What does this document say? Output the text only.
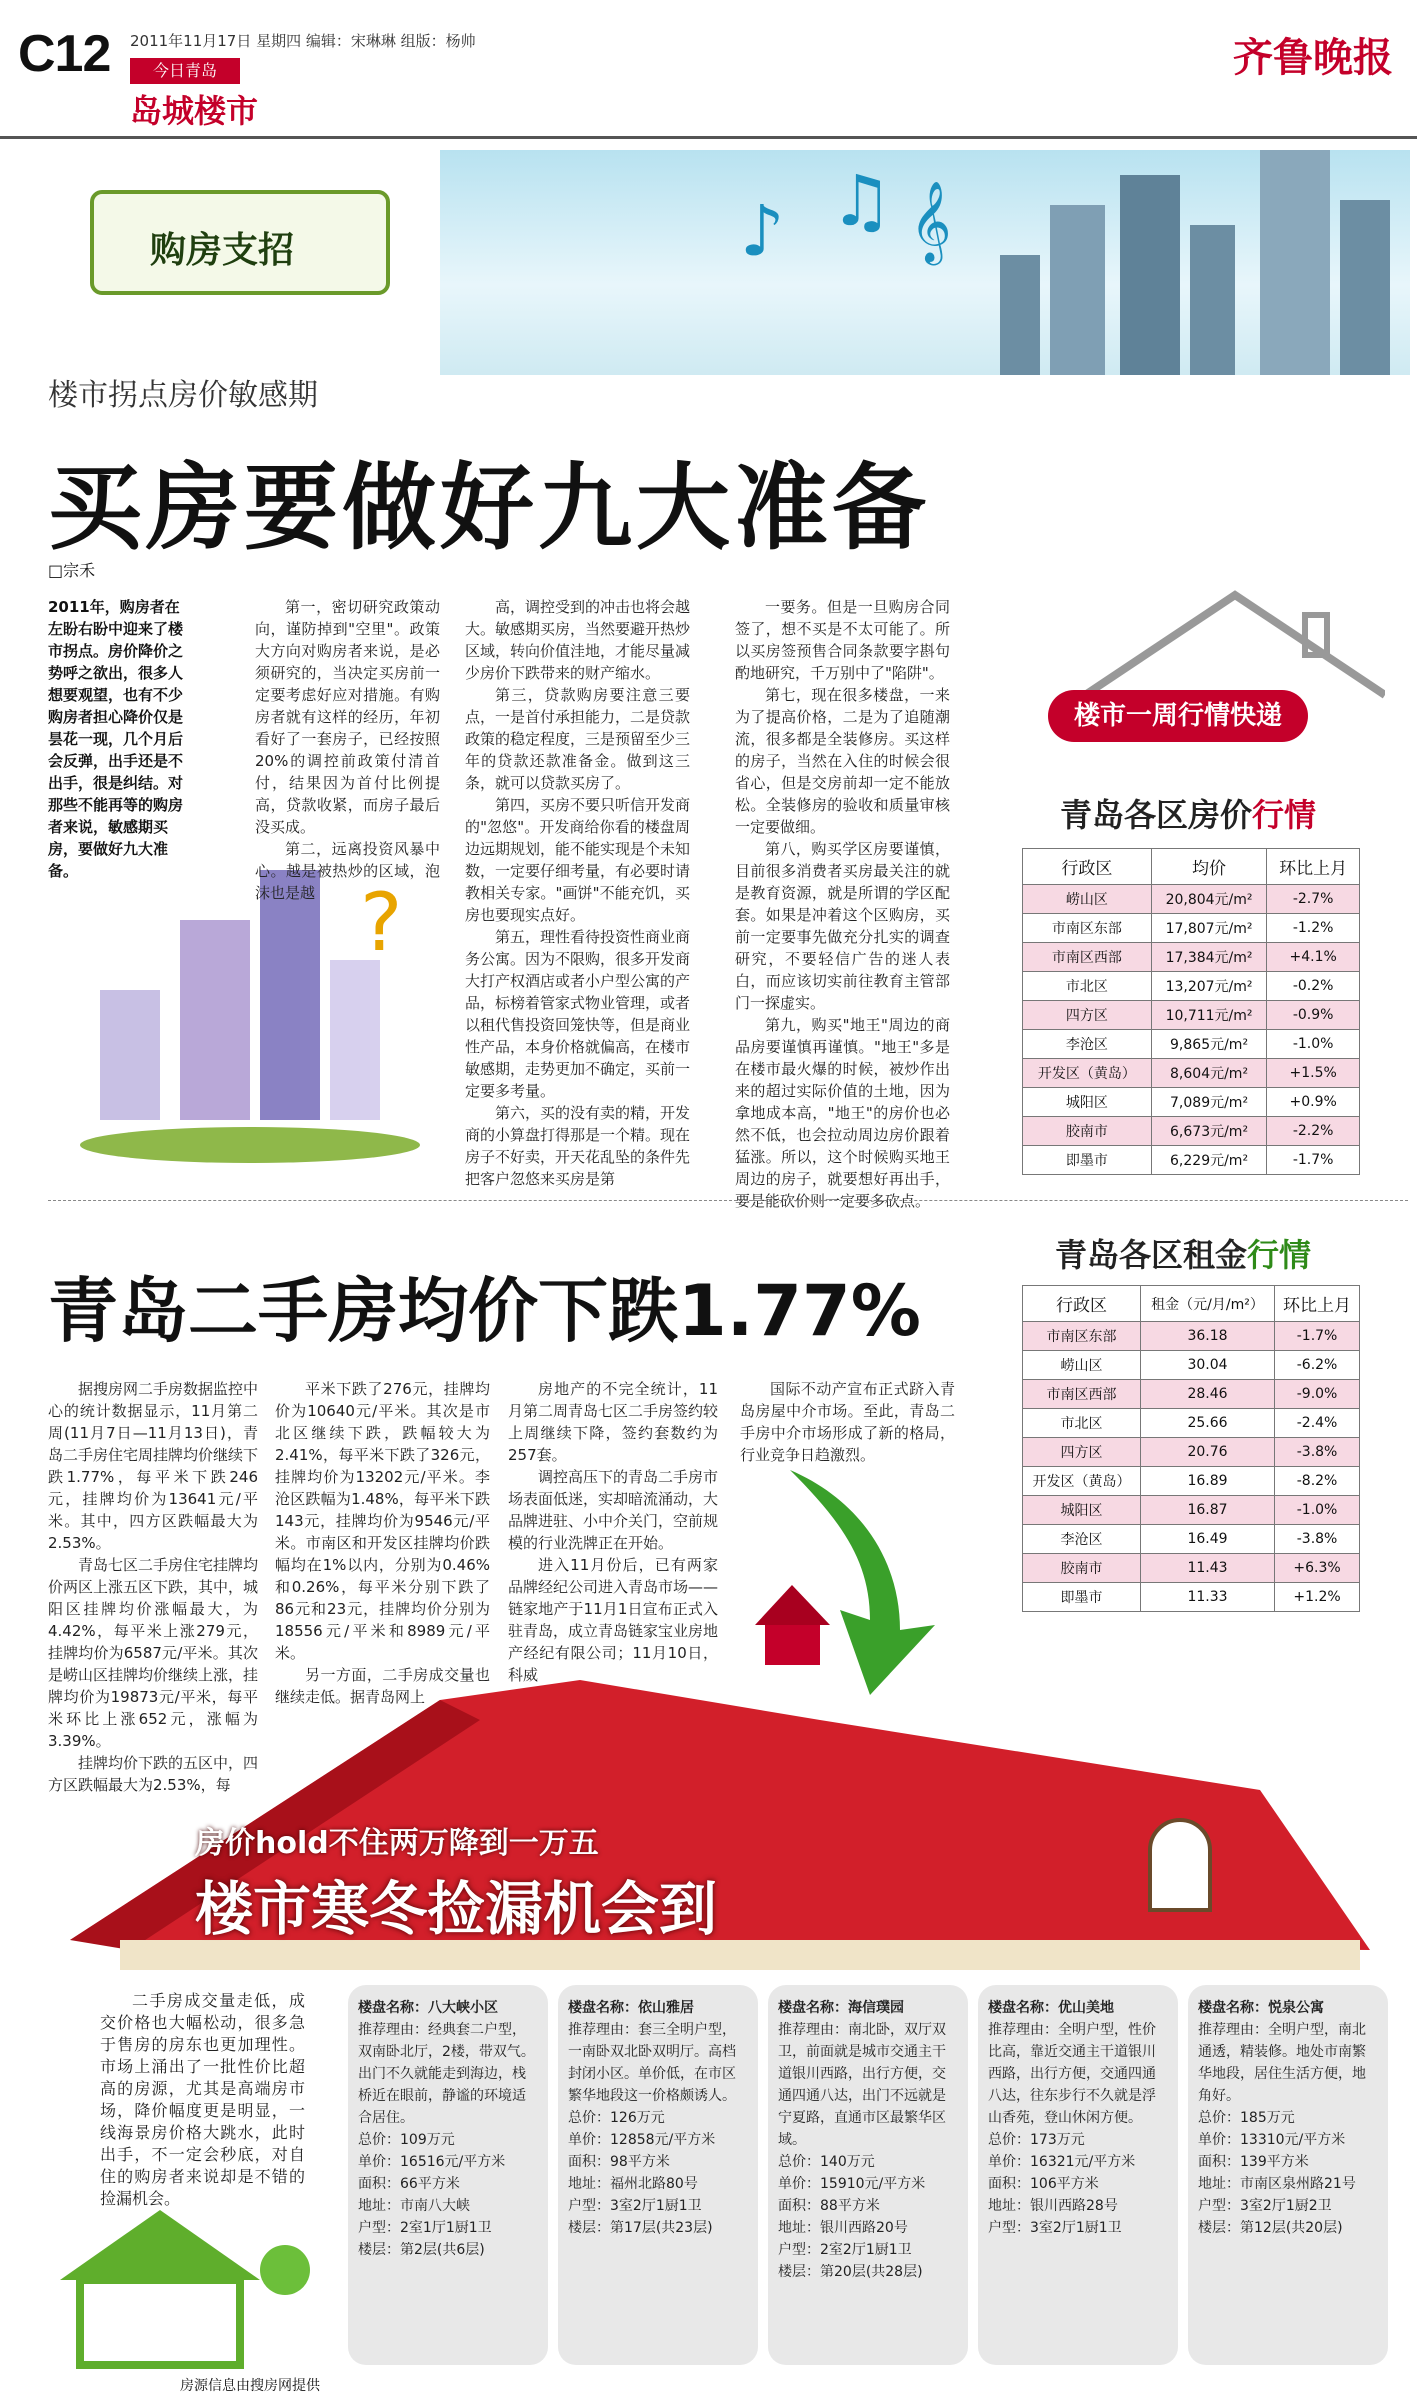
C12 2011年11月17日 星期四 编辑：宋琳琳 组版：杨帅
今日青岛
岛城楼市
齐鲁晚报
♪ ♫ 𝄞
购房支招
楼市拐点房价敏感期
买房要做好九大准备
□宗禾
2011年，购房者在左盼右盼中迎来了楼市拐点。房价降价之势呼之欲出，很多人想要观望，也有不少购房者担心降价仅是昙花一现，几个月后会反弹，出手还是不出手，很是纠结。对那些不能再等的购房者来说，敏感期买房，要做好九大准备。
?

第一，密切研究政策动向，谨防掉到"空里"。政策大方向对购房者来说，是必须研究的，当决定买房前一定要考虑好应对措施。有购房者就有这样的经历，年初看好了一套房子，已经按照20%的调控前政策付清首付，结果因为首付比例提高，贷款收紧，而房子最后没买成。

第二，远离投资风暴中心。越是被热炒的区域，泡沫也是越

高，调控受到的冲击也将会越大。敏感期买房，当然要避开热炒区域，转向价值洼地，才能尽量减少房价下跌带来的财产缩水。

第三，贷款购房要注意三要点，一是首付承担能力，二是贷款政策的稳定程度，三是预留至少三年的贷款还款准备金。做到这三条，就可以贷款买房了。

第四，买房不要只听信开发商的"忽悠"。开发商给你看的楼盘周边远期规划，能不能实现是个未知数，一定要仔细考量，有必要时请教相关专家。"画饼"不能充饥，买房也要现实点好。

第五，理性看待投资性商业商务公寓。因为不限购，很多开发商大打产权酒店或者小户型公寓的产品，标榜着管家式物业管理，或者以租代售投资回笼快等，但是商业性产品，本身价格就偏高，在楼市敏感期，走势更加不确定，买前一定要多考量。

第六，买的没有卖的精，开发商的小算盘打得那是一个精。现在房子不好卖，开天花乱坠的条件先把客户忽悠来买房是第

一要务。但是一旦购房合同签了，想不买是不太可能了。所以买房签预售合同条款要字斟句酌地研究，千万别中了"陷阱"。

第七，现在很多楼盘，一来为了提高价格，二是为了追随潮流，很多都是全装修房。买这样的房子，当然在入住的时候会很省心，但是交房前却一定不能放松。全装修房的验收和质量审核一定要做细。

第八，购买学区房要谨慎，目前很多消费者买房最关注的就是教育资源，就是所谓的学区配套。如果是冲着这个区购房，买前一定要事先做充分扎实的调查研究，不要轻信广告的迷人表白，而应该切实前往教育主管部门一探虚实。

第九，购买"地王"周边的商品房要谨慎再谨慎。"地王"多是在楼市最火爆的时候，被炒作出来的超过实际价值的土地，因为拿地成本高，"地王"的房价也必然不低，也会拉动周边房价跟着猛涨。所以，这个时候购买地王周边的房子，就要想好再出手，要是能砍价则一定要多砍点。

楼市一周行情快递
青岛各区房价行情
行政区	均价	环比上月
崂山区	20,804元/m²	-2.7%
市南区东部	17,807元/m²	-1.2%
市南区西部	17,384元/m²	+4.1%
市北区	13,207元/m²	-0.2%
四方区	10,711元/m²	-0.9%
李沧区	9,865元/m²	-1.0%
开发区（黄岛）	8,604元/m²	+1.5%
城阳区	7,089元/m²	+0.9%
胶南市	6,673元/m²	-2.2%
即墨市	6,229元/m²	-1.7%
青岛各区租金行情
行政区	租金（元/月/m²）	环比上月
市南区东部	36.18	-1.7%
崂山区	30.04	-6.2%
市南区西部	28.46	-9.0%
市北区	25.66	-2.4%
四方区	20.76	-3.8%
开发区（黄岛）	16.89	-8.2%
城阳区	16.87	-1.0%
李沧区	16.49	-3.8%
胶南市	11.43	+6.3%
即墨市	11.33	+1.2%
青岛二手房均价下跌1.77%

据搜房网二手房数据监控中心的统计数据显示，11月第二周(11月7日—11月13日)，青岛二手房住宅周挂牌均价继续下跌1.77%，每平米下跌246元，挂牌均价为13641元/平米。其中，四方区跌幅最大为2.53%。

青岛七区二手房住宅挂牌均价两区上涨五区下跌，其中，城阳区挂牌均价涨幅最大，为4.42%，每平米上涨279元，挂牌均价为6587元/平米。其次是崂山区挂牌均价继续上涨，挂牌均价为19873元/平米，每平米环比上涨652元，涨幅为3.39%。

挂牌均价下跌的五区中，四方区跌幅最大为2.53%，每

平米下跌了276元，挂牌均价为10640元/平米。其次是市北区继续下跌，跌幅较大为2.41%，每平米下跌了326元，挂牌均价为13202元/平米。李沧区跌幅为1.48%，每平米下跌143元，挂牌均价为9546元/平米。市南区和开发区挂牌均价跌幅均在1%以内，分别为0.46%和0.26%，每平米分别下跌了86元和23元，挂牌均价分别为18556元/平米和8989元/平米。

另一方面，二手房成交量也继续走低。据青岛网上

房地产的不完全统计，11月第二周青岛七区二手房签约较上周继续下降，签约套数约为257套。

调控高压下的青岛二手房市场表面低迷，实却暗流涌动，大品牌进驻、小中介关门，空前规模的行业洗牌正在开始。

进入11月份后，已有两家品牌经纪公司进入青岛市场——链家地产于11月1日宣布正式入驻青岛，成立青岛链家宝业房地产经纪有限公司；11月10日，科威

国际不动产宣布正式跻入青岛房屋中介市场。至此，青岛二手房中介市场形成了新的格局，行业竞争日趋激烈。

房价hold不住两万降到一万五
楼市寒冬捡漏机会到

二手房成交量走低，成交价格也大幅松动，很多急于售房的房东也更加理性。市场上涌出了一批性价比超高的房源，尤其是高端房市场，降价幅度更是明显，一线海景房价格大跳水，此时出手，不一定会秒底，对自住的购房者来说却是不错的捡漏机会。

楼盘名称：八大峡小区
推荐理由：经典套二户型，双南卧北厅，2楼，带双气。出门不久就能走到海边，栈桥近在眼前，静谧的环境适合居住。
总价：109万元
单价：16516元/平方米
面积：66平方米
地址：市南八大峡
户型：2室1厅1厨1卫
楼层：第2层(共6层)
楼盘名称：依山雅居
推荐理由：套三全明户型，一南卧双北卧双明厅。高档封闭小区。单价低，在市区繁华地段这一价格颇诱人。
总价：126万元
单价：12858元/平方米
面积：98平方米
地址：福州北路80号
户型：3室2厅1厨1卫
楼层：第17层(共23层)
楼盘名称：海信璞园
推荐理由：南北卧，双厅双卫，前面就是城市交通主干道银川西路，出行方便，交通四通八达，出门不远就是宁夏路，直通市区最繁华区域。
总价：140万元
单价：15910元/平方米
面积：88平方米
地址：银川西路20号
户型：2室2厅1厨1卫
楼层：第20层(共28层)
楼盘名称：优山美地
推荐理由：全明户型，性价比高，靠近交通主干道银川西路，出行方便，交通四通八达，往东步行不久就是浮山香苑，登山休闲方便。
总价：173万元
单价：16321元/平方米
面积：106平方米
地址：银川西路28号
户型：3室2厅1厨1卫
楼盘名称：悦泉公寓
推荐理由：全明户型，南北通透，精装修。地处市南繁华地段，居住生活方便，地角好。
总价：185万元
单价：13310元/平方米
面积：139平方米
地址：市南区泉州路21号
户型：3室2厅1厨2卫
楼层：第12层(共20层)
房源信息由搜房网提供
